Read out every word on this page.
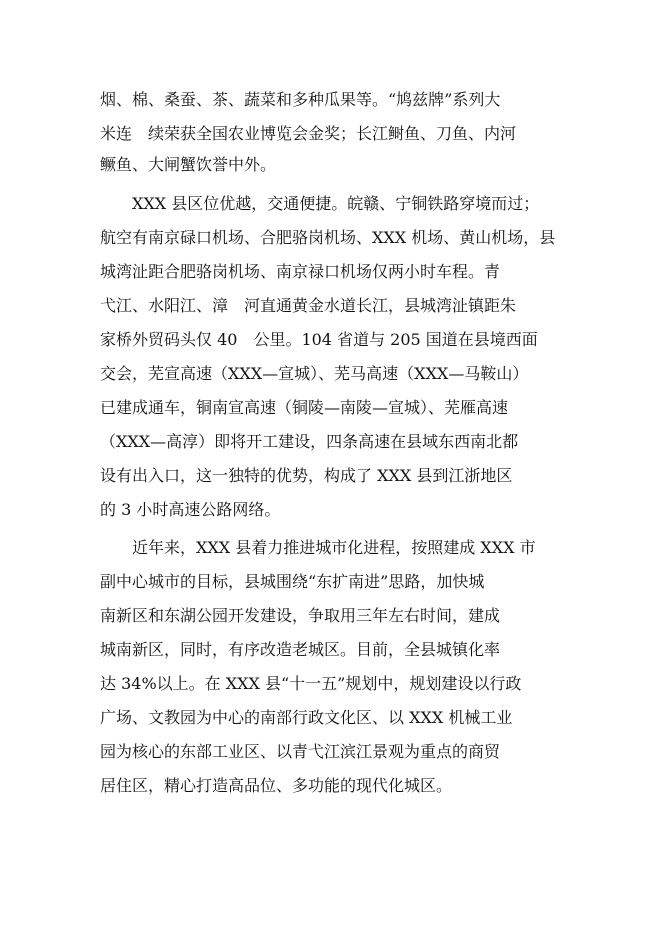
烟、棉、桑蚕、茶、蔬菜和多种瓜果等。“鸠兹牌”系列大
米连　续荣获全国农业博览会金奖；长江鲥鱼、刀鱼、内河
鳜鱼、大闸蟹饮誉中外。
XXX 县区位优越，交通便捷。皖赣、宁铜铁路穿境而过；
航空有南京碌口机场、合肥骆岗机场、XXX 机场、黄山机场，县
城湾沚距合肥骆岗机场、南京禄口机场仅两小时车程。青
弋江、水阳江、漳　河直通黄金水道长江，县城湾沚镇距朱
家桥外贸码头仅 40　公里。104 省道与 205 国道在县境西面
交会，芜宣高速（XXX—宣城）、芜马高速（XXX—马鞍山）
已建成通车，铜南宣高速（铜陵—南陵—宣城）、芜雁高速
（XXX—高淳）即将开工建设，四条高速在县域东西南北都
设有出入口，这一独特的优势，构成了 XXX 县到江浙地区
的 3 小时高速公路网络。
近年来，XXX 县着力推进城市化进程，按照建成 XXX 市
副中心城市的目标，县城围绕“东扩南进”思路，加快城
南新区和东湖公园开发建设，争取用三年左右时间，建成
城南新区，同时，有序改造老城区。目前，全县城镇化率
达 34%以上。在 XXX 县“十一五”规划中，规划建设以行政
广场、文教园为中心的南部行政文化区、以 XXX 机械工业
园为核心的东部工业区、以青弋江滨江景观为重点的商贸
居住区，精心打造高品位、多功能的现代化城区。
